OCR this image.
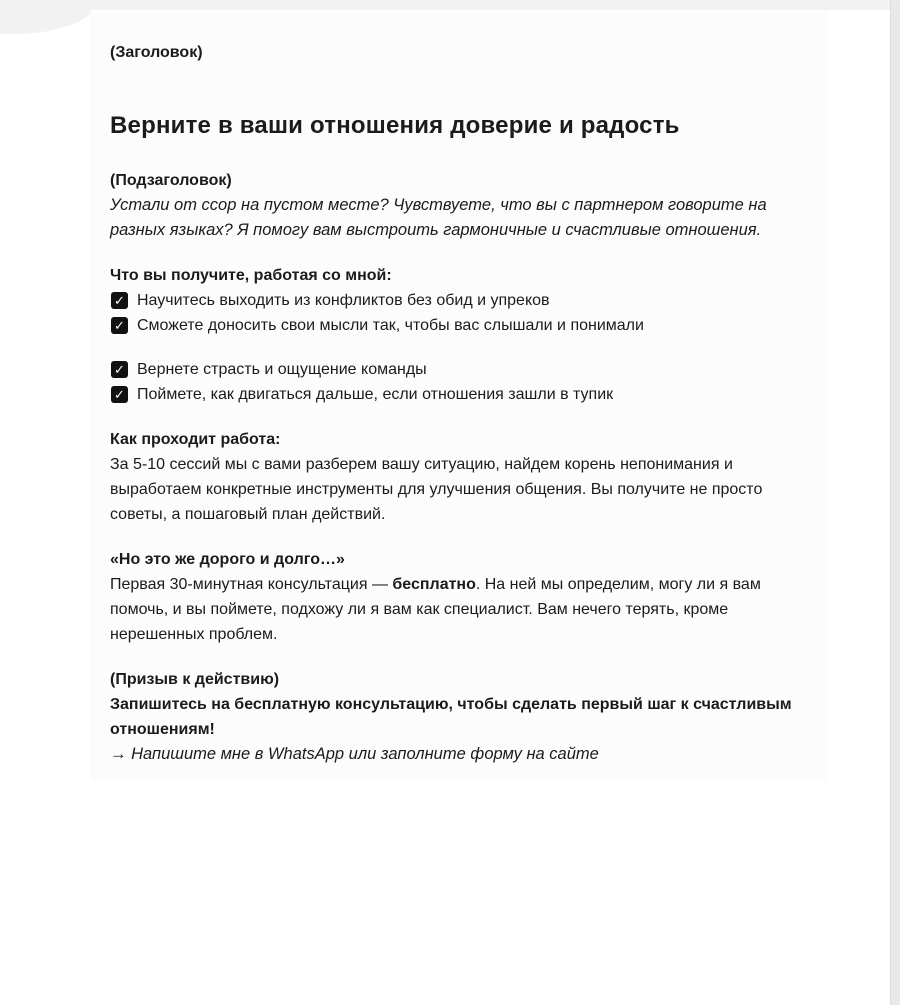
(Заголовок)
Верните в ваши отношения доверие и радость
(Подзаголовок)
Устали от ссор на пустом месте? Чувствуете, что вы с партнером говорите на разных языках? Я помогу вам выстроить гармоничные и счастливые отношения.
Что вы получите, работая со мной:
✓ Научитесь выходить из конфликтов без обид и упреков
✓ Сможете доносить свои мысли так, чтобы вас слышали и понимали
✓ Вернете страсть и ощущение команды
✓ Поймете, как двигаться дальше, если отношения зашли в тупик
Как проходит работа:
За 5-10 сессий мы с вами разберем вашу ситуацию, найдем корень непонимания и выработаем конкретные инструменты для улучшения общения. Вы получите не просто советы, а пошаговый план действий.
«Но это же дорого и долго…»
Первая 30-минутная консультация — бесплатно. На ней мы определим, могу ли я вам помочь, и вы поймете, подхожу ли я вам как специалист. Вам нечего терять, кроме нерешенных проблем.
(Призыв к действию)
Запишитесь на бесплатную консультацию, чтобы сделать первый шаг к счастливым отношениям!
→ Напишите мне в WhatsApp или заполните форму на сайте
